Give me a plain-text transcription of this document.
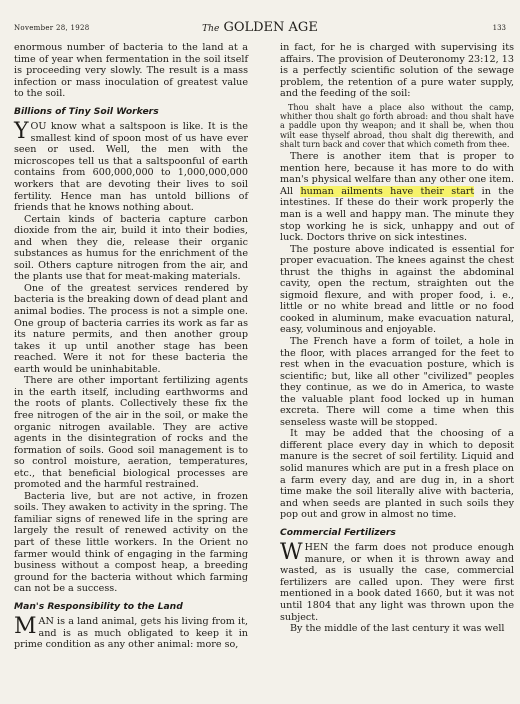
November 28, 1928	The GOLDEN AGE	133

enormous number of bacteria to the land at a time of year when fermentation in the soil itself is proceeding very slowly. The result is a mass infection or mass inoculation of greatest value to the soil.

Billions of Tiny Soil Workers

YOU know what a saltspoon is like. It is the smallest kind of spoon most of us have ever seen or used. Well, the men with the microscopes tell us that a saltspoonful of earth contains from 600,000,000 to 1,000,000,000 workers that are devoting their lives to soil fertility. Hence man has untold billions of friends that he knows nothing about.

Certain kinds of bacteria capture carbon dioxide from the air, build it into their bodies, and when they die, release their organic substances as humus for the enrichment of the soil. Others capture nitrogen from the air, and the plants use that for meat-making materials.

One of the greatest services rendered by bacteria is the breaking down of dead plant and animal bodies. The process is not a simple one. One group of bacteria carries its work as far as its nature permits, and then another group takes it up until another stage has been reached. Were it not for these bacteria the earth would be uninhabitable.

There are other important fertilizing agents in the earth itself, including earthworms and the roots of plants. Collectively these fix the free nitrogen of the air in the soil, or make the organic nitrogen available. They are active agents in the disintegration of rocks and the formation of soils. Good soil management is to so control moisture, aeration, temperatures, etc., that beneficial biological processes are promoted and the harmful restrained.

Bacteria live, but are not active, in frozen soils. They awaken to activity in the spring. The familiar signs of renewed life in the spring are largely the result of renewed activity on the part of these little workers. In the Orient no farmer would think of engaging in the farming business without a compost heap, a breeding ground for the bacteria without which farming can not be a success.

Man's Responsibility to the Land

MAN is a land animal, gets his living from it, and is as much obligated to keep it in prime condition as any other animal: more so,

in fact, for he is charged with supervising its affairs. The provision of Deuteronomy 23:12, 13 is a perfectly scientific solution of the sewage problem, the retention of a pure water supply, and the feeding of the soil:

Thou shalt have a place also without the camp, whither thou shalt go forth abroad: and thou shalt have a paddle upon thy weapon; and it shall be, when thou wilt ease thyself abroad, thou shalt dig therewith, and shalt turn back and cover that which cometh from thee.

There is another item that is proper to mention here, because it has more to do with man's physical welfare than any other one item. All human ailments have their start in the intestines. If these do their work properly the man is a well and happy man. The minute they stop working he is sick, unhappy and out of luck. Doctors thrive on sick intestines.

The posture above indicated is essential for proper evacuation. The knees against the chest thrust the thighs in against the abdominal cavity, open the rectum, straighten out the sigmoid flexure, and with proper food, i. e., little or no white bread and little or no food cooked in aluminum, make evacuation natural, easy, voluminous and enjoyable.

The French have a form of toilet, a hole in the floor, with places arranged for the feet to rest when in the evacuation posture, which is scientific; but, like all other "civilized" peoples they continue, as we do in America, to waste the valuable plant food locked up in human excreta. There will come a time when this senseless waste will be stopped.

It may be added that the choosing of a different place every day in which to deposit manure is the secret of soil fertility. Liquid and solid manures which are put in a fresh place on a farm every day, and are dug in, in a short time make the soil literally alive with bacteria, and when seeds are planted in such soils they pop out and grow in almost no time.

Commercial Fertilizers

WHEN the farm does not produce enough manure, or when it is thrown away and wasted, as is usually the case, commercial fertilizers are called upon. They were first mentioned in a book dated 1660, but it was not until 1804 that any light was thrown upon the subject.

By the middle of the last century it was well
